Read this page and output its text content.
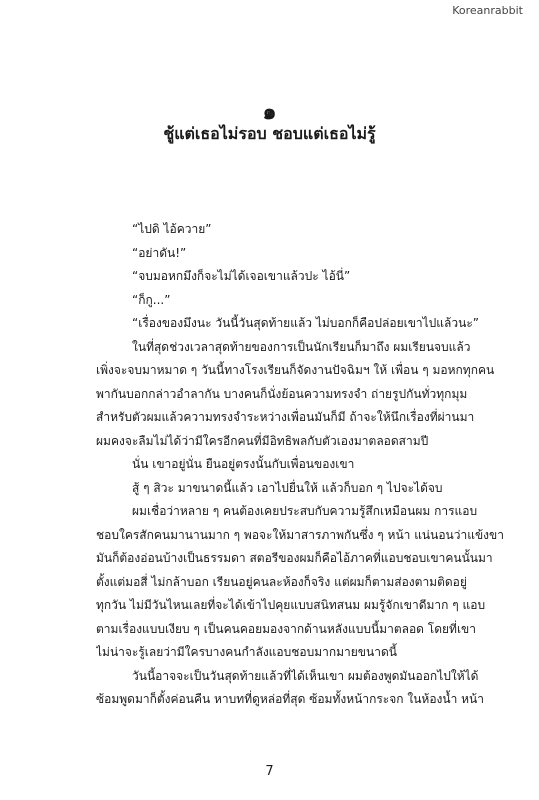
Koreanrabbit
๑
ชู้แต่เธอไม่รอบ ชอบแต่เธอไม่รู้
“ไปดิ ไอ้ควาย”
“อย่าดัน!”
“จบมอหกมึงก็จะไม่ได้เจอเขาแล้วปะ ไอ้นี่”
“ก็กู...”
“เรื่องของมึงนะ วันนี้วันสุดท้ายแล้ว ไม่บอกก็คือปล่อยเขาไปแล้วนะ”
ในที่สุดช่วงเวลาสุดท้ายของการเป็นนักเรียนก็มาถึง ผมเรียนจบแล้ว
เพิ่งจะจบมาหมาด ๆ วันนี้ทางโรงเรียนก็จัดงานปัจฉิมฯ ให้ เพื่อน ๆ มอหกทุกคน
พากันบอกกล่าวอำลากัน บางคนก็นั่งย้อนความทรงจำ ถ่ายรูปกันทั่วทุกมุม
สำหรับตัวผมแล้วความทรงจำระหว่างเพื่อนมันก็มี ถ้าจะให้นึกเรื่องที่ผ่านมา
ผมคงจะลืมไม่ได้ว่ามีใครอีกคนที่มีอิทธิพลกับตัวเองมาตลอดสามปี
นั่น เขาอยู่นั่น ยืนอยู่ตรงนั้นกับเพื่อนของเขา
สู้ ๆ สิวะ มาขนาดนี้แล้ว เอาไปยื่นให้ แล้วก็บอก ๆ ไปจะได้จบ
ผมเชื่อว่าหลาย ๆ คนต้องเคยประสบกับความรู้สึกเหมือนผม การแอบ
ชอบใครสักคนมานานมาก ๆ พอจะให้มาสารภาพกันซึ่ง ๆ หน้า แน่นอนว่าแข้งขา
มันก็ต้องอ่อนบ้างเป็นธรรมดา สตอรีของผมก็คือไอ้ภาคที่แอบชอบเขาคนนั้นมา
ตั้งแต่มอสี่ ไม่กล้าบอก เรียนอยู่คนละห้องก็จริง แต่ผมก็ตามส่องตามติดอยู่
ทุกวัน ไม่มีวันไหนเลยที่จะได้เข้าไปคุยแบบสนิทสนม ผมรู้จักเขาดีมาก ๆ แอบ
ตามเรื่องแบบเงียบ ๆ เป็นคนคอยมองจากด้านหลังแบบนี้มาตลอด โดยที่เขา
ไม่น่าจะรู้เลยว่ามีใครบางคนกำลังแอบชอบมากมายขนาดนี้
วันนี้อาจจะเป็นวันสุดท้ายแล้วที่ได้เห็นเขา ผมต้องพูดมันออกไปให้ได้
ซ้อมพูดมาก็ตั้งค่อนคืน หาบทที่ดูหล่อที่สุด ซ้อมทั้งหน้ากระจก ในห้องน้ำ หน้า
7
